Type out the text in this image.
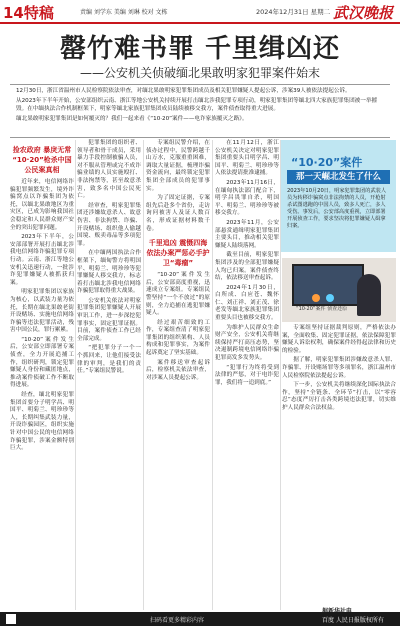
14特稿	责编 刘学东 美编 刘琳 校对 文栋	2024年12月31日 星期二 武汉晚报
罄竹难书罪 千里缉凶还
——公安机关侦破缅北果敢明家犯罪案件始末

12月30日，浙江省温州市人民检察院依法审查，对缅北果敢明家犯罪集团成员及相关犯罪嫌疑人提起公诉，涉案39人被依法提起公诉。

从2023年下半年开始，公安部组织云南、浙江等地公安机关持续开展打击缅北涉我犯罪专项行动，明家犯罪集团等缅北四大家族犯罪集团被一举摧毁。在中缅执法合作机制框架下，明家等缅北家族犯罪集团成员陆续被移交我方，案件侦查取得重大进展。

缅北果敢明家犯罪集团是如何覆灭的？我们一起来看《“10·20”案件——电诈家族覆灭之路》。

捡农政府 暴戾无常
“10·20”枪杀中国公民案真相

近年来，电信网络诈骗犯罪频繁发生，境外诈骗窝点以诈骗集团为依托，以缅北果敢地区为重灾区，已成为影响我国社会稳定和人民群众财产安全的突出犯罪问题。

2023年下半年，公安部部署开展打击缅北涉我电信网络诈骗犯罪专项行动。云南、浙江等地公安机关迅速行动，一批涉诈犯罪嫌疑人被抓获归案。

明家犯罪集团以家族为核心，以武装力量为依托，长期在缅北果敢老街开设赌场、实施电信网络诈骗等违法犯罪活动，残害中国公民，罪行累累。

“10·20”案件发生后，公安部立即部署专案侦查，全力开展追捕工作，组织研判，锁定犯罪嫌疑人身份和藏匿地点，推动案件侦破工作不断取得进展。

经查，缅北明家犯罪集团首要分子明学昌、明国平、明菊兰、明珍珍等人，长期纠集武装力量，开设诈骗园区，组织实施针对中国公民的电信网络诈骗犯罪，涉案金额特别巨大。

犯罪集团的组织者、领导者和骨干成员，采用暴力手段控制被骗人员，对不服从管理或完不成诈骗业绩的人员实施殴打、非法拘禁等，甚至故意杀害，致多名中国公民死亡。

经审查，明家犯罪集团还涉嫌故意杀人、故意伤害、非法拘禁、诈骗、开设赌场、组织他人偷越国境、贩卖毒品等多项犯罪。

在中缅两国执法合作框架下，缅甸警方将明国平、明菊兰、明珍珍等犯罪嫌疑人移交我方，标志着打击缅北涉我电信网络诈骗犯罪取得重大战果。

公安机关依法对明家犯罪集团犯罪嫌疑人开展审讯工作，进一步深挖犯罪事实，固定犯罪证据。目前，案件侦查工作已经全部完成。

“把犯罪分子一个一个抓回来，让他们接受法律的审判，是我们的责任。”专案组民警说。

专案组民警介绍，在侦办过程中，民警跨越千山万水，克服重重困难，调取大量证据，梳理诈骗资金流向，最终锁定犯罪集团全部成员的犯罪事实。

为了固定证据，专案组先后赴多个省份，走访询问被害人及证人数百名，形成证据材料数千卷。

千里追凶 震慑四海
依法办案严惩必手护卫“毒瘤”

“10·20”案件发生后，公安部高度重视，迅速成立专案组。专案组民警坚持“一个不放过”的原则，全力追捕在逃犯罪嫌疑人。

经过艰苦细致的工作，专案组查清了明家犯罪集团的组织架构、人员构成和犯罪事实，为案件起诉奠定了坚实基础。

案件移送审查起诉后，检察机关依法审查，对涉案人员提起公诉。

在11月12日，浙江公安机关决定对明家犯罪集团重要头目明学昌、明国平、明菊兰、明珍珍等人依法提请批准逮捕。

2023年11月16日，在缅甸执法部门配合下，明学昌畏罪自杀，明国平、明菊兰、明珍珍等被移交我方。

2023年11月，公安部悬赏通缉明家犯罪集团主要头目，推动相关犯罪嫌疑人陆续落网。

截至目前，明家犯罪集团涉及的全部犯罪嫌疑人均已归案。案件侦查终结，依法移送审查起诉。

2024年1月30日，白所成、白应苍、魏怀仁、刘正祥、刘正茂、徐老发等缅北家族犯罪集团重要头目也被移交我方。

为维护人民群众生命财产安全，公安机关将继续保持严打高压态势，坚决遏制跨境电信网络诈骗犯罪高发多发势头。

“犯罪行为终将受到法律的严惩，对于电诈犯罪，我们将一追到底。”

“10·20”案件
那一天崛北发生了什么
2023年10月20日，明家犯罪集团的武装人员为转移诈骗窝点非法拘禁的人员，开枪射杀试图逃跑的中国人员，致多人死亡，多人受伤。事发后，公安部高度重视，立即部署开展侦查工作，要求坚决将犯罪嫌疑人缉拿归案。
“10·20”案件 侦查还原

专案组坚持证据裁判原则，严格依法办案，全面收集、固定犯罪证据，依法保障犯罪嫌疑人诉讼权利，确保案件经得起法律和历史的检验。

据了解，明家犯罪集团涉嫌故意杀人罪、诈骗罪、开设赌场罪等多项罪名，浙江温州市人民检察院依法提起公诉。

下一步，公安机关将继续深化国际执法合作，坚持“全链条、全环节”打击，以“零容忍”态度严厉打击各类跨境违法犯罪，切实维护人民群众合法权益。

扫码看更多精彩内容	百度 人民日报版权所有
